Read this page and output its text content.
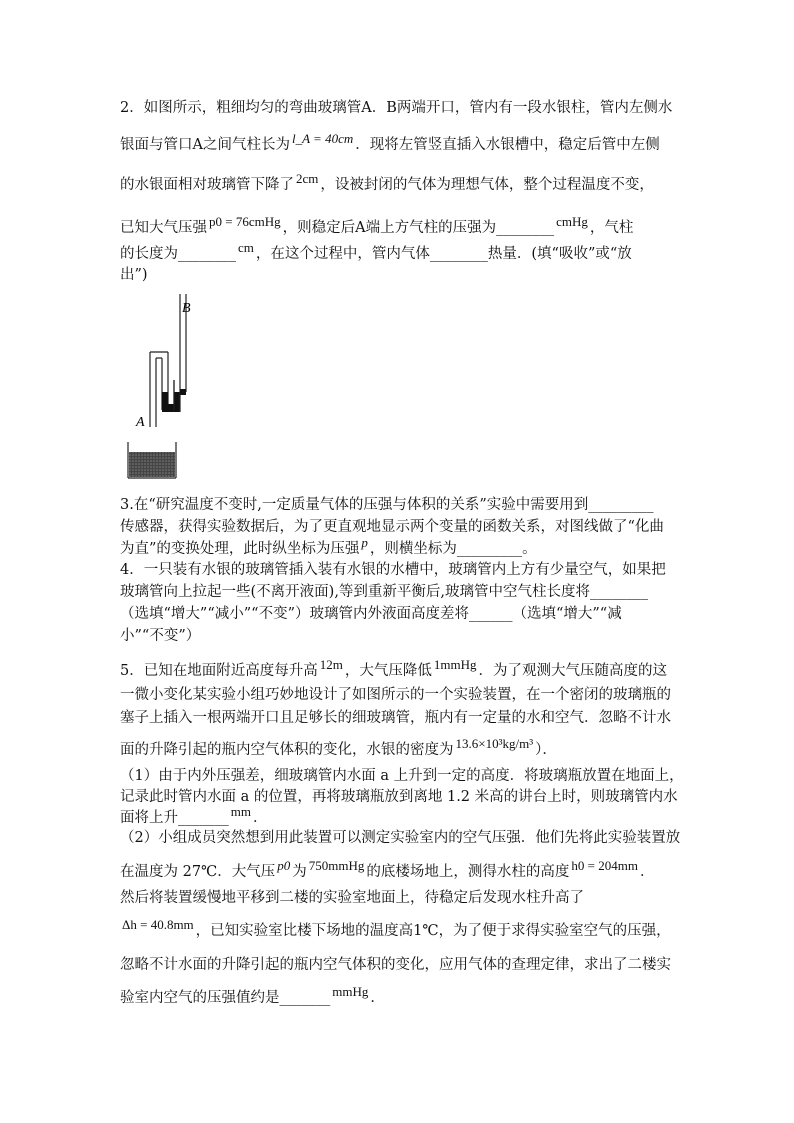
2．如图所示，粗细均匀的弯曲玻璃管A．B两端开口，管内有一段水银柱，管内左侧水
银面与管口A之间气柱长为 l_A = 40cm ．现将左管竖直插入水银槽中，稳定后管中左侧
的水银面相对玻璃管下降了 2cm ，设被封闭的气体为理想气体，整个过程温度不变，
已知大气压强 p0 = 76cmHg ，则稳定后A端上方气柱的压强为________ cmHg ，气柱
的长度为________ cm ，在这个过程中，管内气体________热量．(填“吸收”或“放
出”)
B
A
3.在“研究温度不变时,一定质量气体的压强与体积的关系”实验中需要用到_________
传感器，获得实验数据后，为了更直观地显示两个变量的函数关系，对图线做了“化曲
为直”的变换处理，此时纵坐标为压强 p ，则横坐标为_________。
4．一只装有水银的玻璃管插入装有水银的水槽中，玻璃管内上方有少量空气，如果把
玻璃管向上拉起一些(不离开液面),等到重新平衡后,玻璃管中空气柱长度将________
（选填“增大”“减小”“不变”）玻璃管内外液面高度差将______（选填“增大”“减
小”“不变”）
5．已知在地面附近高度每升高 12m ，大气压降低 1mmHg ．为了观测大气压随高度的这
一微小变化某实验小组巧妙地设计了如图所示的一个实验装置，在一个密闭的玻璃瓶的
塞子上插入一根两端开口且足够长的细玻璃管，瓶内有一定量的水和空气．忽略不计水
面的升降引起的瓶内空气体积的变化，水银的密度为 13.6×10³kg/m³ ）．
（1）由于内外压强差，细玻璃管内水面 a 上升到一定的高度．将玻璃瓶放置在地面上，
记录此时管内水面 a 的位置，再将玻璃瓶放到离地 1.2 米高的讲台上时，则玻璃管内水
面将上升_______ mm ．
（2）小组成员突然想到用此装置可以测定实验室内的空气压强．他们先将此实验装置放
在温度为 27℃．大气压 p0 为 750mmHg 的底楼场地上，测得水柱的高度 h0 = 204mm ．
然后将装置缓慢地平移到二楼的实验室地面上，待稳定后发现水柱升高了
Δh = 40.8mm ，已知实验室比楼下场地的温度高1℃，为了便于求得实验室空气的压强，
忽略不计水面的升降引起的瓶内空气体积的变化，应用气体的查理定律，求出了二楼实
验室内空气的压强值约是_______ mmHg ．
